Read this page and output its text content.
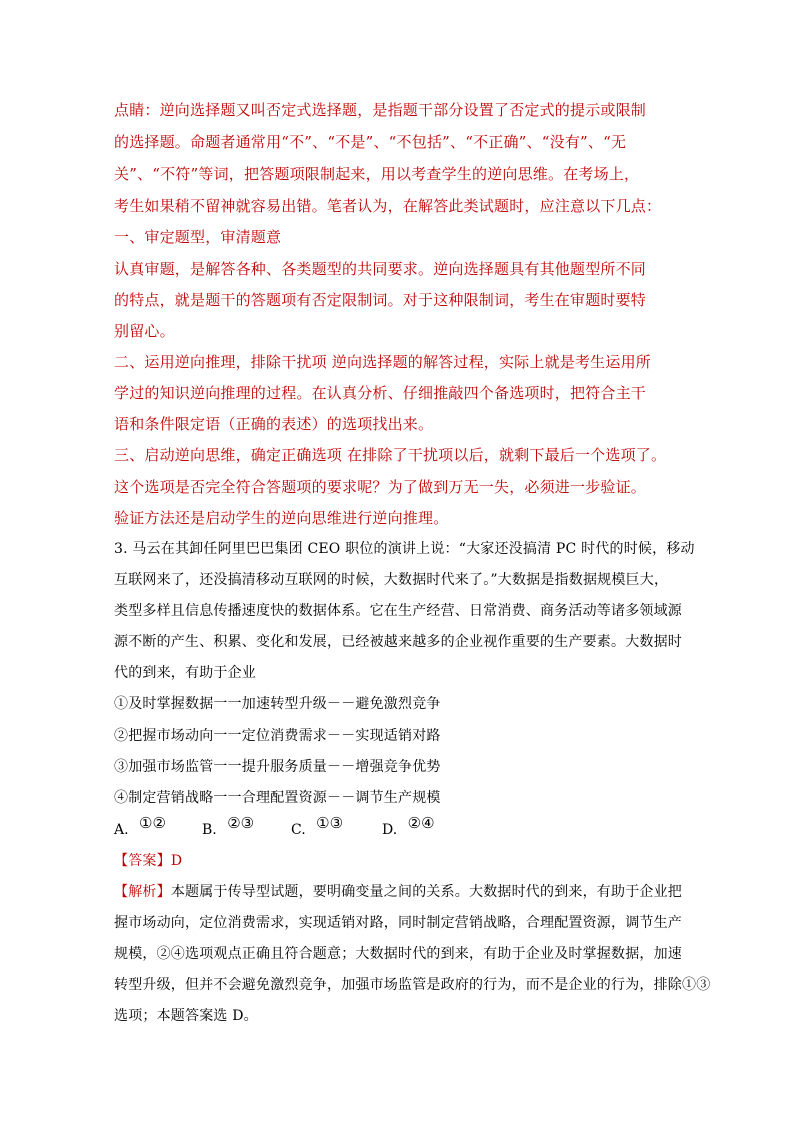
点睛：逆向选择题又叫否定式选择题，是指题干部分设置了否定式的提示或限制
的选择题。命题者通常用“不”、“不是”、“不包括”、“不正确”、“没有”、“无
关”、“不符”等词，把答题项限制起来，用以考查学生的逆向思维。在考场上，
考生如果稍不留神就容易出错。笔者认为，在解答此类试题时，应注意以下几点：
一、审定题型，审清题意
认真审题，是解答各种、各类题型的共同要求。逆向选择题具有其他题型所不同
的特点，就是题干的答题项有否定限制词。对于这种限制词，考生在审题时要特
别留心。
二、运用逆向推理，排除干扰项 逆向选择题的解答过程，实际上就是考生运用所
学过的知识逆向推理的过程。在认真分析、仔细推敲四个备选项时，把符合主干
语和条件限定语（正确的表述）的选项找出来。
三、启动逆向思维，确定正确选项 在排除了干扰项以后，就剩下最后一个选项了。
这个选项是否完全符合答题项的要求呢？为了做到万无一失，必须进一步验证。
验证方法还是启动学生的逆向思维进行逆向推理。
3. 马云在其卸任阿里巴巴集团 CEO 职位的演讲上说：“大家还没搞清 PC 时代的时候，移动
互联网来了，还没搞清移动互联网的时候，大数据时代来了。”大数据是指数据规模巨大，
类型多样且信息传播速度快的数据体系。它在生产经营、日常消费、商务活动等诸多领域源
源不断的产生、积累、变化和发展，已经被越来越多的企业视作重要的生产要素。大数据时
代的到来，有助于企业
①及时掌握数据一一加速转型升级－－避免激烈竞争
②把握市场动向一一定位消费需求－－实现适销对路
③加强市场监管一一提升服务质量－－增强竞争优势
④制定营销战略一一合理配置资源－－调节生产规模
A. ①②	B. ②③	C. ①③	D. ②④
【答案】D
【解析】本题属于传导型试题，要明确变量之间的关系。大数据时代的到来，有助于企业把
握市场动向，定位消费需求，实现适销对路，同时制定营销战略，合理配置资源，调节生产
规模，②④选项观点正确且符合题意；大数据时代的到来，有助于企业及时掌握数据，加速
转型升级，但并不会避免激烈竞争，加强市场监管是政府的行为，而不是企业的行为，排除①③
选项；本题答案选 D。
